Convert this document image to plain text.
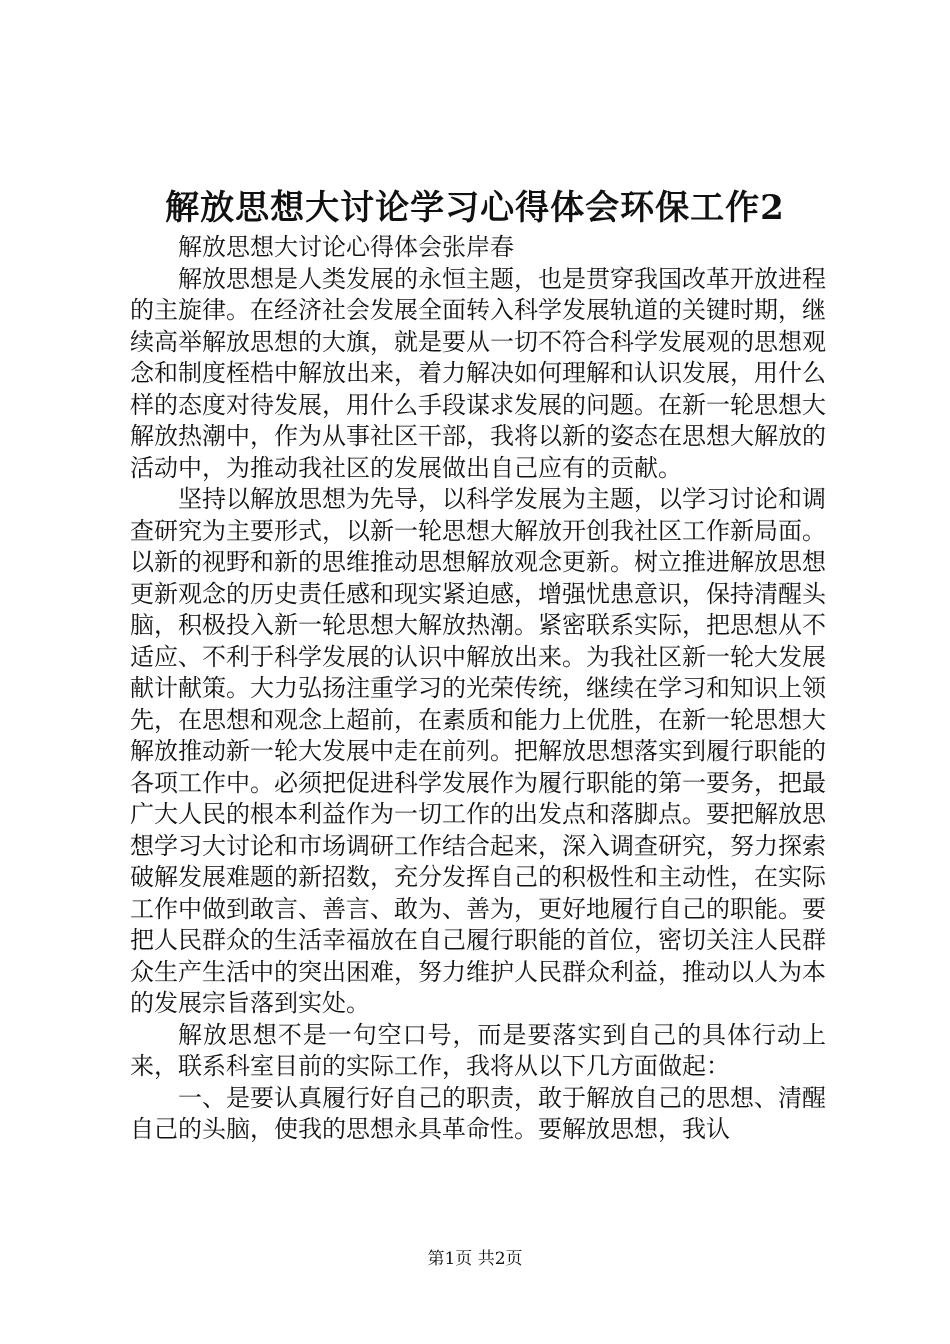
解放思想大讨论学习心得体会环保工作2

解放思想大讨论心得体会张岸春

解放思想是人类发展的永恒主题，也是贯穿我国改革开放进程的主旋律。在经济社会发展全面转入科学发展轨道的关键时期，继续高举解放思想的大旗，就是要从一切不符合科学发展观的思想观念和制度桎梏中解放出来，着力解决如何理解和认识发展，用什么样的态度对待发展，用什么手段谋求发展的问题。在新一轮思想大解放热潮中，作为从事社区干部，我将以新的姿态在思想大解放的活动中，为推动我社区的发展做出自己应有的贡献。

坚持以解放思想为先导，以科学发展为主题，以学习讨论和调查研究为主要形式，以新一轮思想大解放开创我社区工作新局面。以新的视野和新的思维推动思想解放观念更新。树立推进解放思想更新观念的历史责任感和现实紧迫感，增强忧患意识，保持清醒头脑，积极投入新一轮思想大解放热潮。紧密联系实际，把思想从不适应、不利于科学发展的认识中解放出来。为我社区新一轮大发展献计献策。大力弘扬注重学习的光荣传统，继续在学习和知识上领先，在思想和观念上超前，在素质和能力上优胜，在新一轮思想大解放推动新一轮大发展中走在前列。把解放思想落实到履行职能的各项工作中。必须把促进科学发展作为履行职能的第一要务，把最广大人民的根本利益作为一切工作的出发点和落脚点。要把解放思想学习大讨论和市场调研工作结合起来，深入调查研究，努力探索破解发展难题的新招数，充分发挥自己的积极性和主动性，在实际工作中做到敢言、善言、敢为、善为，更好地履行自己的职能。要把人民群众的生活幸福放在自己履行职能的首位，密切关注人民群众生产生活中的突出困难，努力维护人民群众利益，推动以人为本的发展宗旨落到实处。

解放思想不是一句空口号，而是要落实到自己的具体行动上来，联系科室目前的实际工作，我将从以下几方面做起：

一、是要认真履行好自己的职责，敢于解放自己的思想、清醒自己的头脑，使我的思想永具革命性。要解放思想，我认

第1页 共2页
